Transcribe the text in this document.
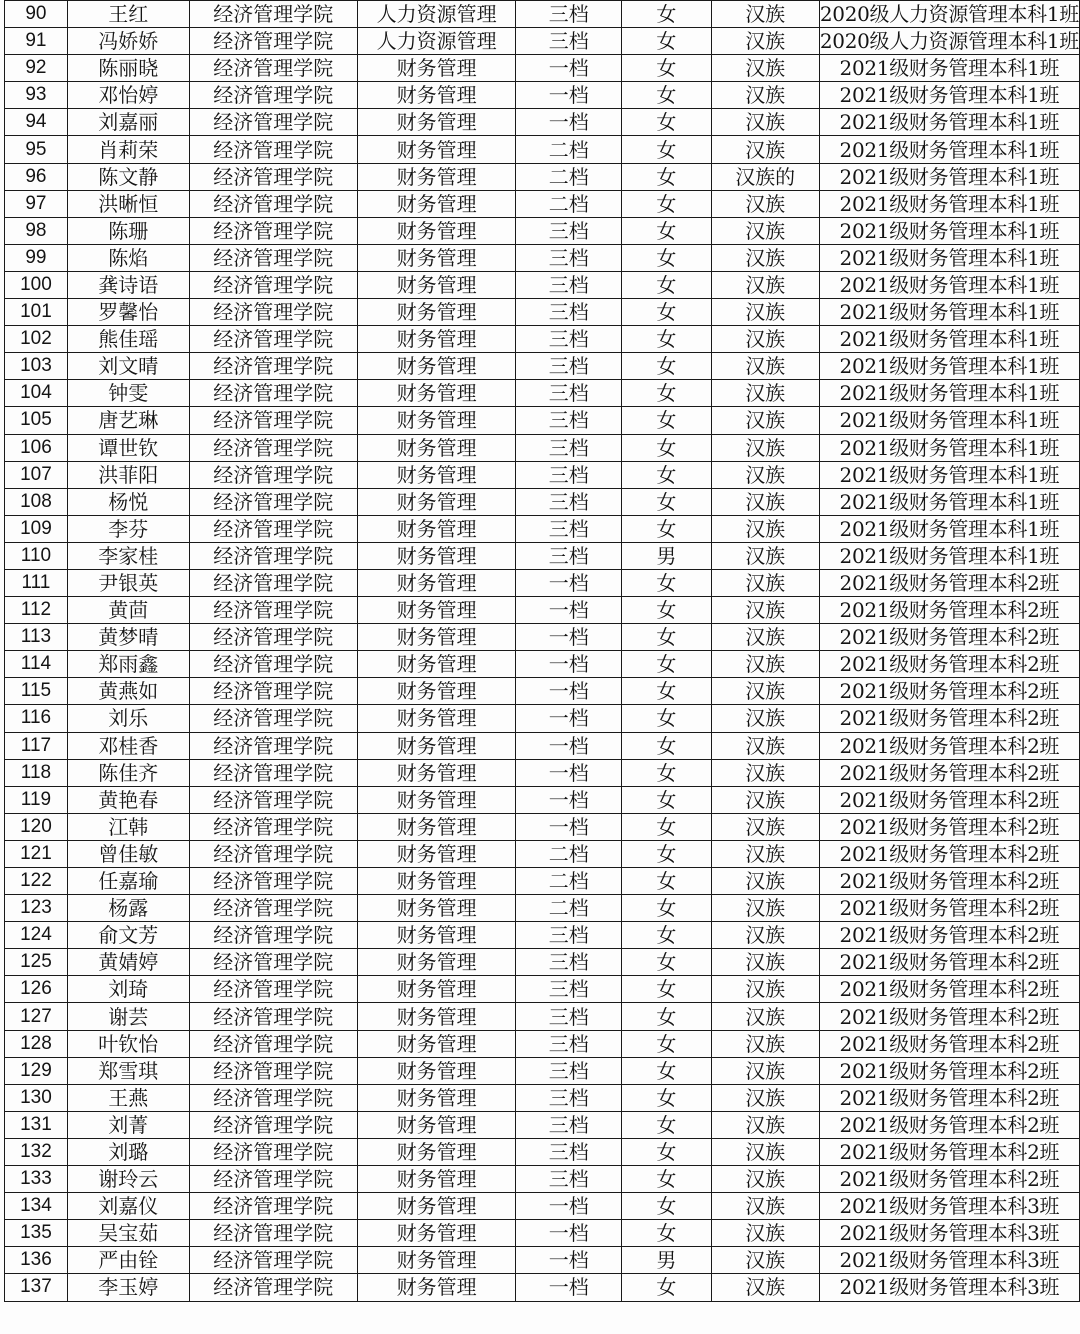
90	王红	经济管理学院	人力资源管理	三档	女	汉族	2020级人力资源管理本科1班
91	冯娇娇	经济管理学院	人力资源管理	三档	女	汉族	2020级人力资源管理本科1班
92	陈丽晓	经济管理学院	财务管理	一档	女	汉族	2021级财务管理本科1班
93	邓怡婷	经济管理学院	财务管理	一档	女	汉族	2021级财务管理本科1班
94	刘嘉丽	经济管理学院	财务管理	一档	女	汉族	2021级财务管理本科1班
95	肖莉荣	经济管理学院	财务管理	二档	女	汉族	2021级财务管理本科1班
96	陈文静	经济管理学院	财务管理	二档	女	汉族的	2021级财务管理本科1班
97	洪晰恒	经济管理学院	财务管理	二档	女	汉族	2021级财务管理本科1班
98	陈珊	经济管理学院	财务管理	三档	女	汉族	2021级财务管理本科1班
99	陈焰	经济管理学院	财务管理	三档	女	汉族	2021级财务管理本科1班
100	龚诗语	经济管理学院	财务管理	三档	女	汉族	2021级财务管理本科1班
101	罗馨怡	经济管理学院	财务管理	三档	女	汉族	2021级财务管理本科1班
102	熊佳瑶	经济管理学院	财务管理	三档	女	汉族	2021级财务管理本科1班
103	刘文晴	经济管理学院	财务管理	三档	女	汉族	2021级财务管理本科1班
104	钟雯	经济管理学院	财务管理	三档	女	汉族	2021级财务管理本科1班
105	唐艺琳	经济管理学院	财务管理	三档	女	汉族	2021级财务管理本科1班
106	谭世钦	经济管理学院	财务管理	三档	女	汉族	2021级财务管理本科1班
107	洪菲阳	经济管理学院	财务管理	三档	女	汉族	2021级财务管理本科1班
108	杨悦	经济管理学院	财务管理	三档	女	汉族	2021级财务管理本科1班
109	李芬	经济管理学院	财务管理	三档	女	汉族	2021级财务管理本科1班
110	李家桂	经济管理学院	财务管理	三档	男	汉族	2021级财务管理本科1班
111	尹银英	经济管理学院	财务管理	一档	女	汉族	2021级财务管理本科2班
112	黄茴	经济管理学院	财务管理	一档	女	汉族	2021级财务管理本科2班
113	黄梦晴	经济管理学院	财务管理	一档	女	汉族	2021级财务管理本科2班
114	郑雨鑫	经济管理学院	财务管理	一档	女	汉族	2021级财务管理本科2班
115	黄燕如	经济管理学院	财务管理	一档	女	汉族	2021级财务管理本科2班
116	刘乐	经济管理学院	财务管理	一档	女	汉族	2021级财务管理本科2班
117	邓桂香	经济管理学院	财务管理	一档	女	汉族	2021级财务管理本科2班
118	陈佳齐	经济管理学院	财务管理	一档	女	汉族	2021级财务管理本科2班
119	黄艳春	经济管理学院	财务管理	一档	女	汉族	2021级财务管理本科2班
120	江韩	经济管理学院	财务管理	一档	女	汉族	2021级财务管理本科2班
121	曾佳敏	经济管理学院	财务管理	二档	女	汉族	2021级财务管理本科2班
122	任嘉瑜	经济管理学院	财务管理	二档	女	汉族	2021级财务管理本科2班
123	杨露	经济管理学院	财务管理	二档	女	汉族	2021级财务管理本科2班
124	俞文芳	经济管理学院	财务管理	三档	女	汉族	2021级财务管理本科2班
125	黄婧婷	经济管理学院	财务管理	三档	女	汉族	2021级财务管理本科2班
126	刘琦	经济管理学院	财务管理	三档	女	汉族	2021级财务管理本科2班
127	谢芸	经济管理学院	财务管理	三档	女	汉族	2021级财务管理本科2班
128	叶钦怡	经济管理学院	财务管理	三档	女	汉族	2021级财务管理本科2班
129	郑雪琪	经济管理学院	财务管理	三档	女	汉族	2021级财务管理本科2班
130	王燕	经济管理学院	财务管理	三档	女	汉族	2021级财务管理本科2班
131	刘菁	经济管理学院	财务管理	三档	女	汉族	2021级财务管理本科2班
132	刘璐	经济管理学院	财务管理	三档	女	汉族	2021级财务管理本科2班
133	谢玲云	经济管理学院	财务管理	三档	女	汉族	2021级财务管理本科2班
134	刘嘉仪	经济管理学院	财务管理	一档	女	汉族	2021级财务管理本科3班
135	吴宝茹	经济管理学院	财务管理	一档	女	汉族	2021级财务管理本科3班
136	严由铨	经济管理学院	财务管理	一档	男	汉族	2021级财务管理本科3班
137	李玉婷	经济管理学院	财务管理	一档	女	汉族	2021级财务管理本科3班
